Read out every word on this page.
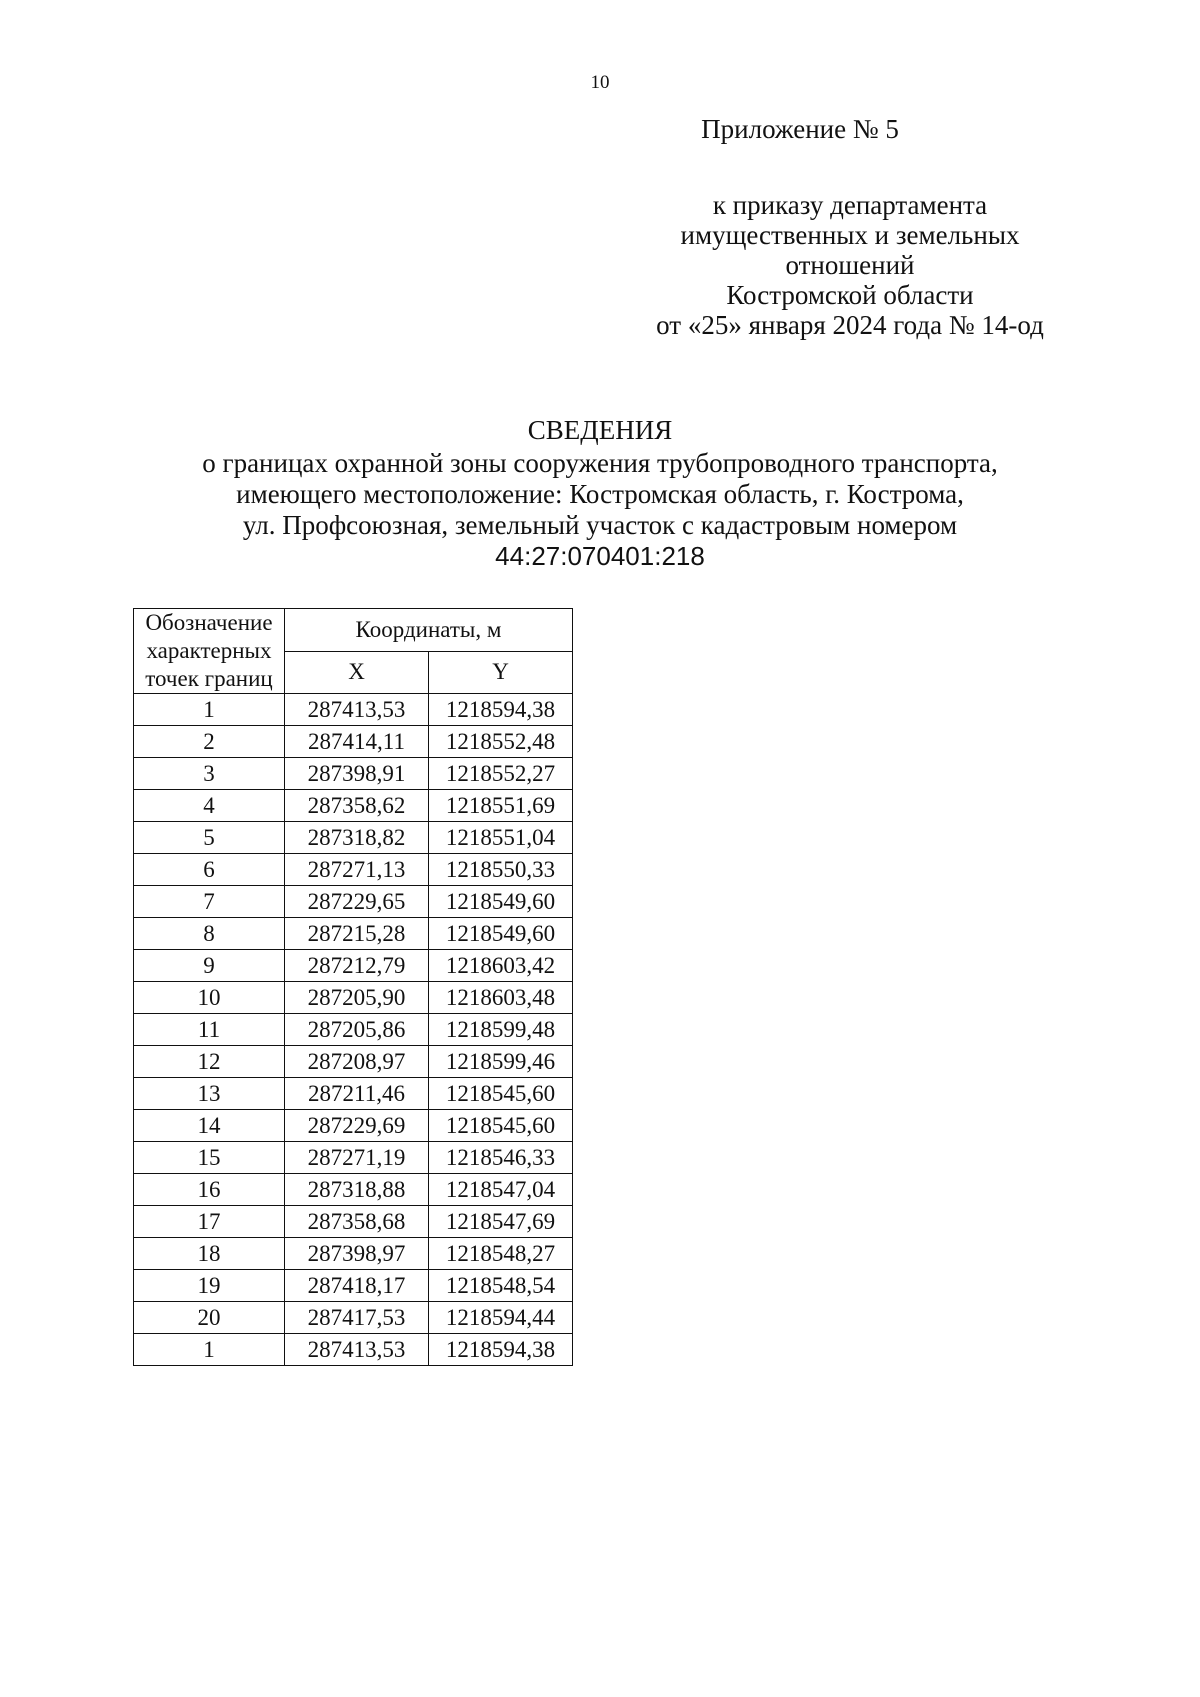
10
Приложение № 5
к приказу департамента
имущественных и земельных
отношений
Костромской области
от «25» января 2024 года № 14-од
СВЕДЕНИЯ
о границах охранной зоны сооружения трубопроводного транспорта,
имеющего местоположение: Костромская область, г. Кострома,
ул. Профсоюзная, земельный участок с кадастровым номером
44:27:070401:218
Обозначение характерных точек границ	Координаты, м	
	X	Y
1	287413,53	1218594,38
2	287414,11	1218552,48
3	287398,91	1218552,27
4	287358,62	1218551,69
5	287318,82	1218551,04
6	287271,13	1218550,33
7	287229,65	1218549,60
8	287215,28	1218549,60
9	287212,79	1218603,42
10	287205,90	1218603,48
11	287205,86	1218599,48
12	287208,97	1218599,46
13	287211,46	1218545,60
14	287229,69	1218545,60
15	287271,19	1218546,33
16	287318,88	1218547,04
17	287358,68	1218547,69
18	287398,97	1218548,27
19	287418,17	1218548,54
20	287417,53	1218594,44
1	287413,53	1218594,38
